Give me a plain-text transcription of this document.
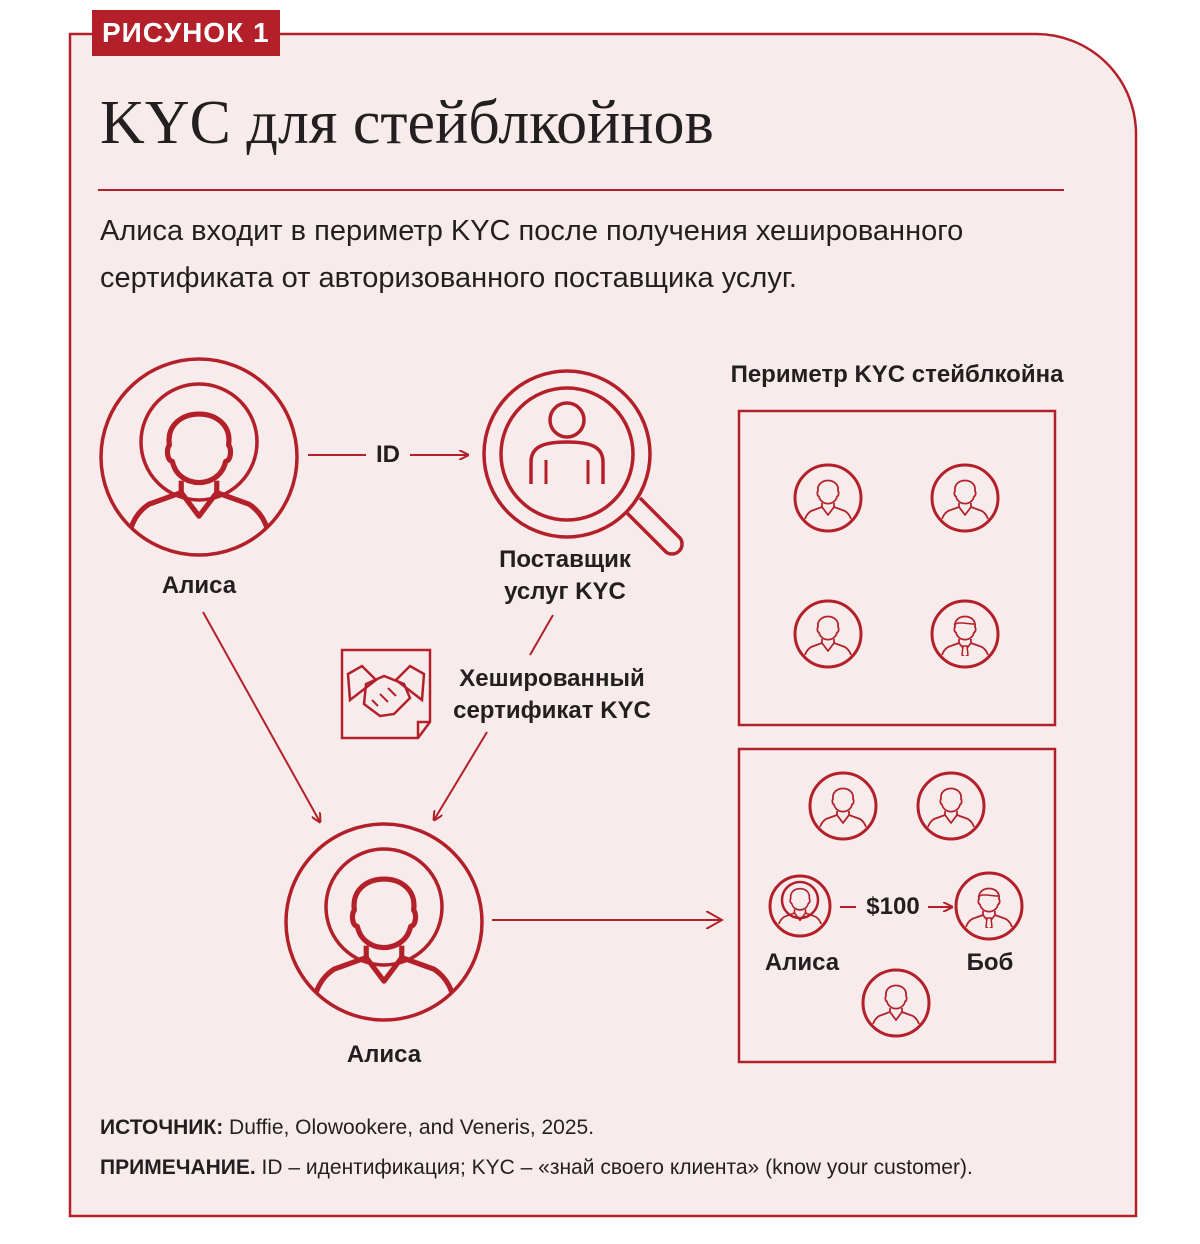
РИСУНОК 1
KYC для стейблкойнов
Алиса входит в периметр KYC после получения хешированного сертификата от авторизованного поставщика услуг.
Алиса
ID
Поставщик
услуг KYC
Хешированный
сертификат KYC
Алиса
Периметр KYC стейблкойна
$100
Алиса	Боб
ИСТОЧНИК: Duffie, Olowookere, and Veneris, 2025.
ПРИМЕЧАНИЕ. ID – идентификация; KYC – «знай своего клиента» (know your customer).
